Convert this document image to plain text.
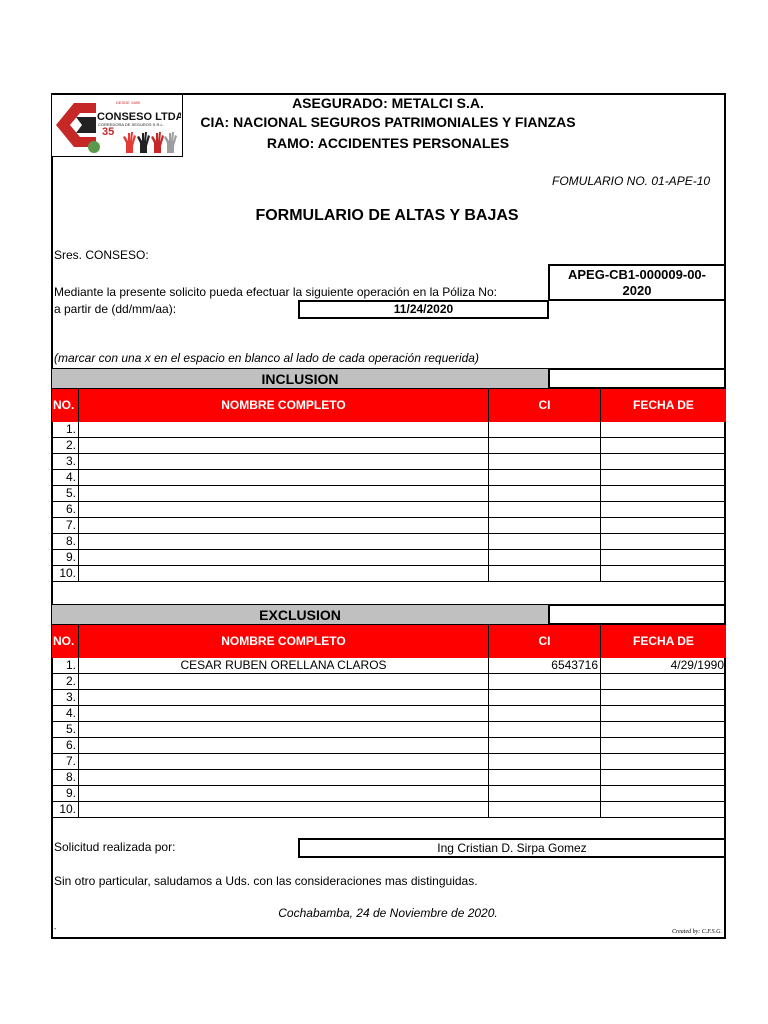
DESDE 1985
CONSESO LTDA.
CORREDORA DE SEGUROS S.R.L.
35
ASEGURADO: METALCI S.A.
CIA: NACIONAL SEGUROS PATRIMONIALES Y FIANZAS
RAMO: ACCIDENTES PERSONALES
FOMULARIO NO. 01-APE-10
FORMULARIO DE ALTAS Y BAJAS
Sres. CONSESO:
APEG-CB1-000009-00-
2020
Mediante la presente solicito pueda efectuar la siguiente operación en la Póliza No:
a partir de (dd/mm/aa):	11/24/2020
(marcar con una x en el espacio en blanco al lado de cada operación requerida)
INCLUSION
NO.	NOMBRE COMPLETO	CI	FECHA DE NACIMIENTO
1.
2.
3.
4.
5.
6.
7.
8.
9.
10.
EXCLUSION
NO.	NOMBRE COMPLETO	CI	FECHA DE NACIMIENTO
1.	CESAR RUBEN ORELLANA CLAROS	6543716	4/29/1990
2.
3.
4.
5.
6.
7.
8.
9.
10.
Solicitud realizada por:	Ing Cristian D. Sirpa Gomez
Sin otro particular, saludamos a Uds. con las consideraciones mas distinguidas.
Cochabamba, 24 de Noviembre de 2020.
-	Created by: C.F.S.G.
